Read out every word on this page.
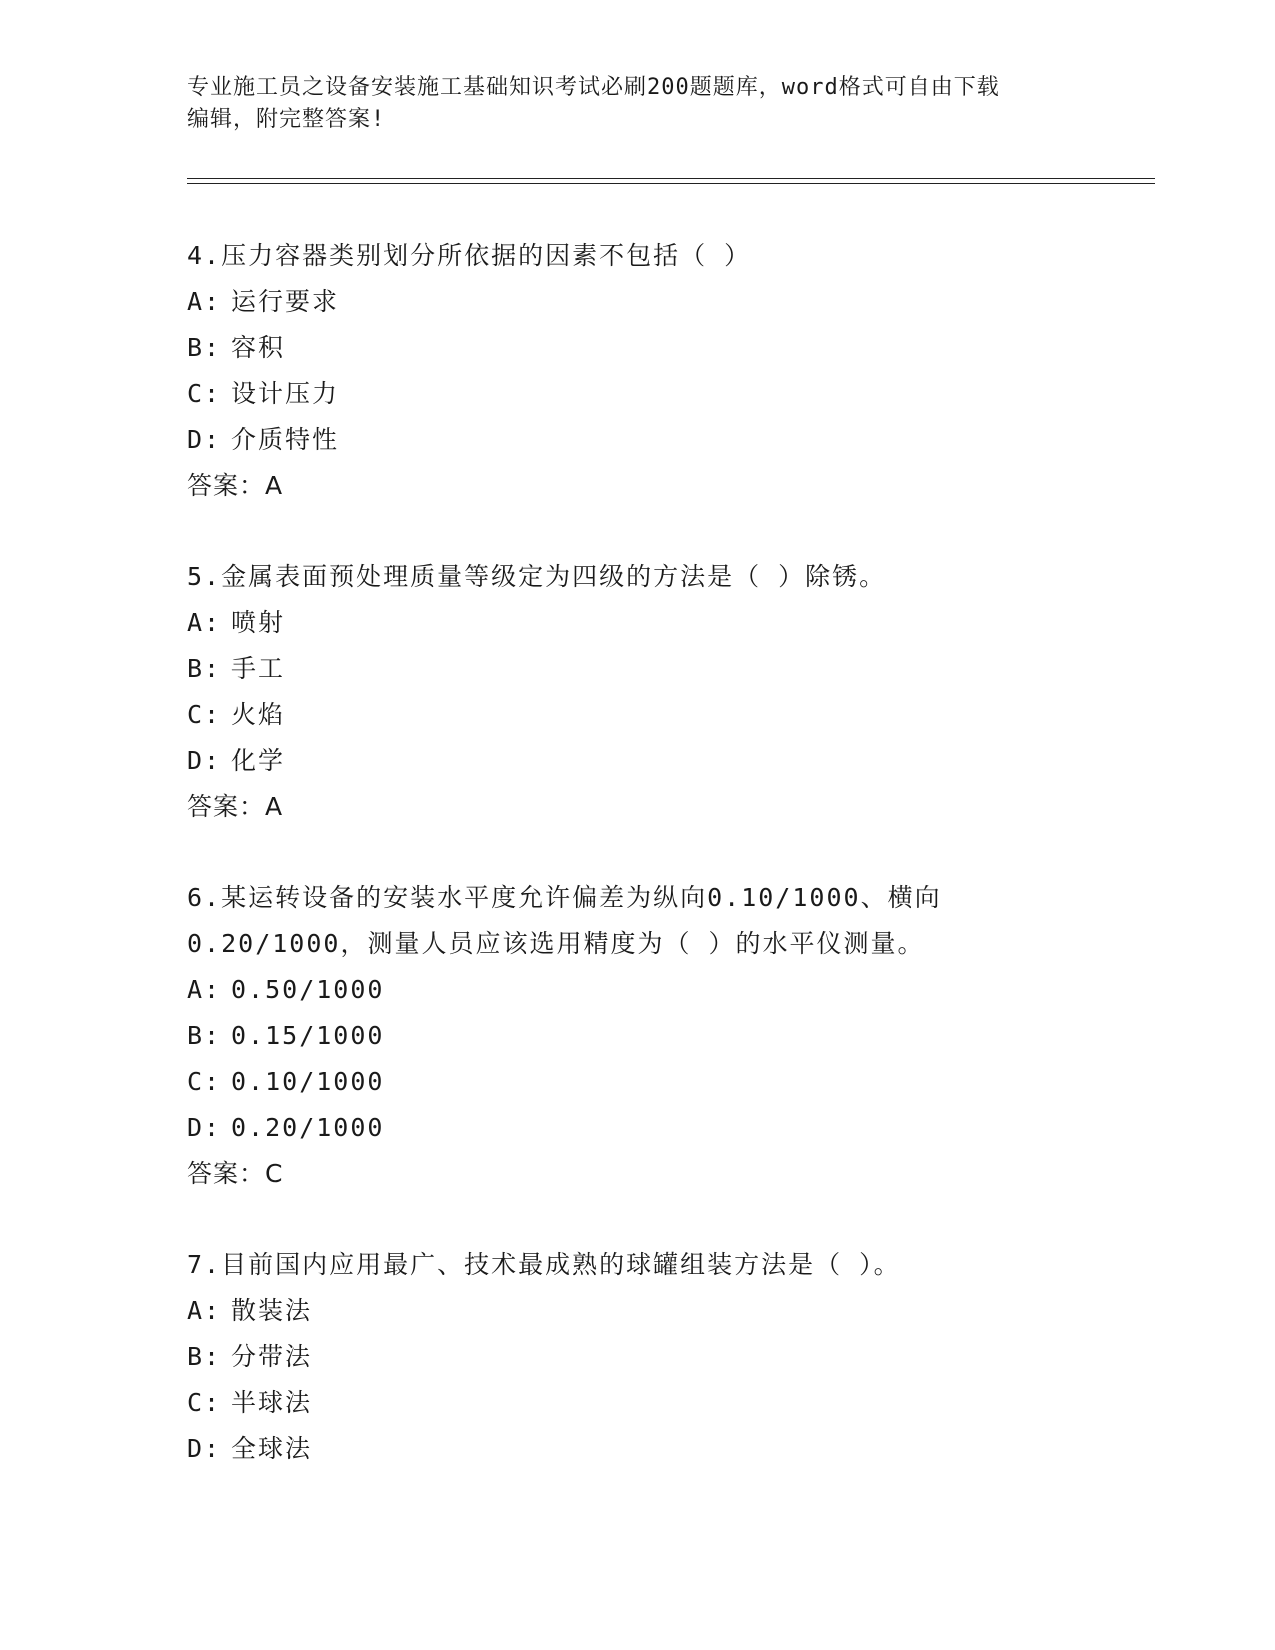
专业施工员之设备安装施工基础知识考试必刷200题题库，word格式可自由下载
编辑，附完整答案!
4.压力容器类别划分所依据的因素不包括（ ）
A: 运行要求
B: 容积
C: 设计压力
D: 介质特性
答案：A
5.金属表面预处理质量等级定为四级的方法是（ ）除锈。
A: 喷射
B: 手工
C: 火焰
D: 化学
答案：A
6.某运转设备的安装水平度允许偏差为纵向0.10/1000、横向
0.20/1000，测量人员应该选用精度为（ ）的水平仪测量。
A: 0.50/1000
B: 0.15/1000
C: 0.10/1000
D: 0.20/1000
答案：C
7.目前国内应用最广、技术最成熟的球罐组装方法是（ ）。
A: 散装法
B: 分带法
C: 半球法
D: 全球法
